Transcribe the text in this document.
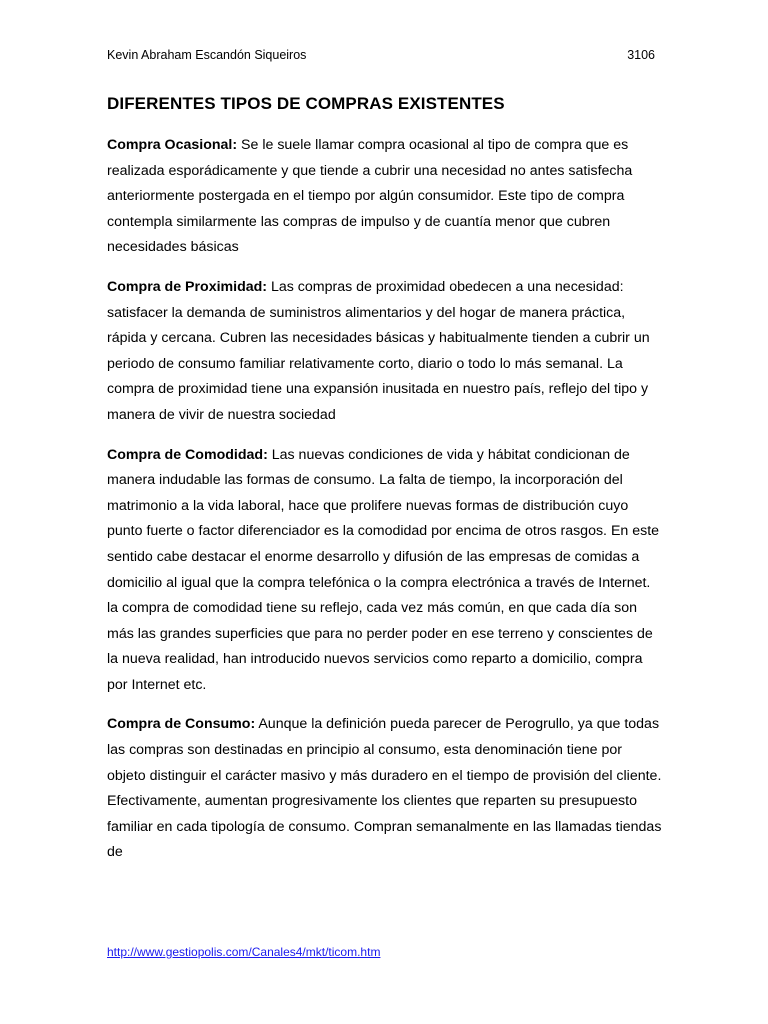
Kevin Abraham Escandón Siqueiros	3106
DIFERENTES TIPOS DE COMPRAS EXISTENTES

Compra Ocasional: Se le suele llamar compra ocasional al tipo de compra que es realizada esporádicamente y que tiende a cubrir una necesidad no antes satisfecha anteriormente postergada en el tiempo por algún consumidor. Este tipo de compra contempla similarmente las compras de impulso y de cuantía menor que cubren necesidades básicas

Compra de Proximidad: Las compras de proximidad obedecen a una necesidad: satisfacer la demanda de suministros alimentarios y del hogar de manera práctica, rápida y cercana. Cubren las necesidades básicas y habitualmente tienden a cubrir un periodo de consumo familiar relativamente corto, diario o todo lo más semanal. La compra de proximidad tiene una expansión inusitada en nuestro país, reflejo del tipo y manera de vivir de nuestra sociedad

Compra de Comodidad: Las nuevas condiciones de vida y hábitat condicionan de manera indudable las formas de consumo. La falta de tiempo, la incorporación del matrimonio a la vida laboral, hace que prolifere nuevas formas de distribución cuyo punto fuerte o factor diferenciador es la comodidad por encima de otros rasgos. En este sentido cabe destacar el enorme desarrollo y difusión de las empresas de comidas a domicilio al igual que la compra telefónica o la compra electrónica a través de Internet. la compra de comodidad tiene su reflejo, cada vez más común, en que cada día son más las grandes superficies que para no perder poder en ese terreno y conscientes de la nueva realidad, han introducido nuevos servicios como reparto a domicilio, compra por Internet etc.

Compra de Consumo: Aunque la definición pueda parecer de Perogrullo, ya que todas las compras son destinadas en principio al consumo, esta denominación tiene por objeto distinguir el carácter masivo y más duradero en el tiempo de provisión del cliente. Efectivamente, aumentan progresivamente los clientes que reparten su presupuesto familiar en cada tipología de consumo. Compran semanalmente en las llamadas tiendas de

http://www.gestiopolis.com/Canales4/mkt/ticom.htm
